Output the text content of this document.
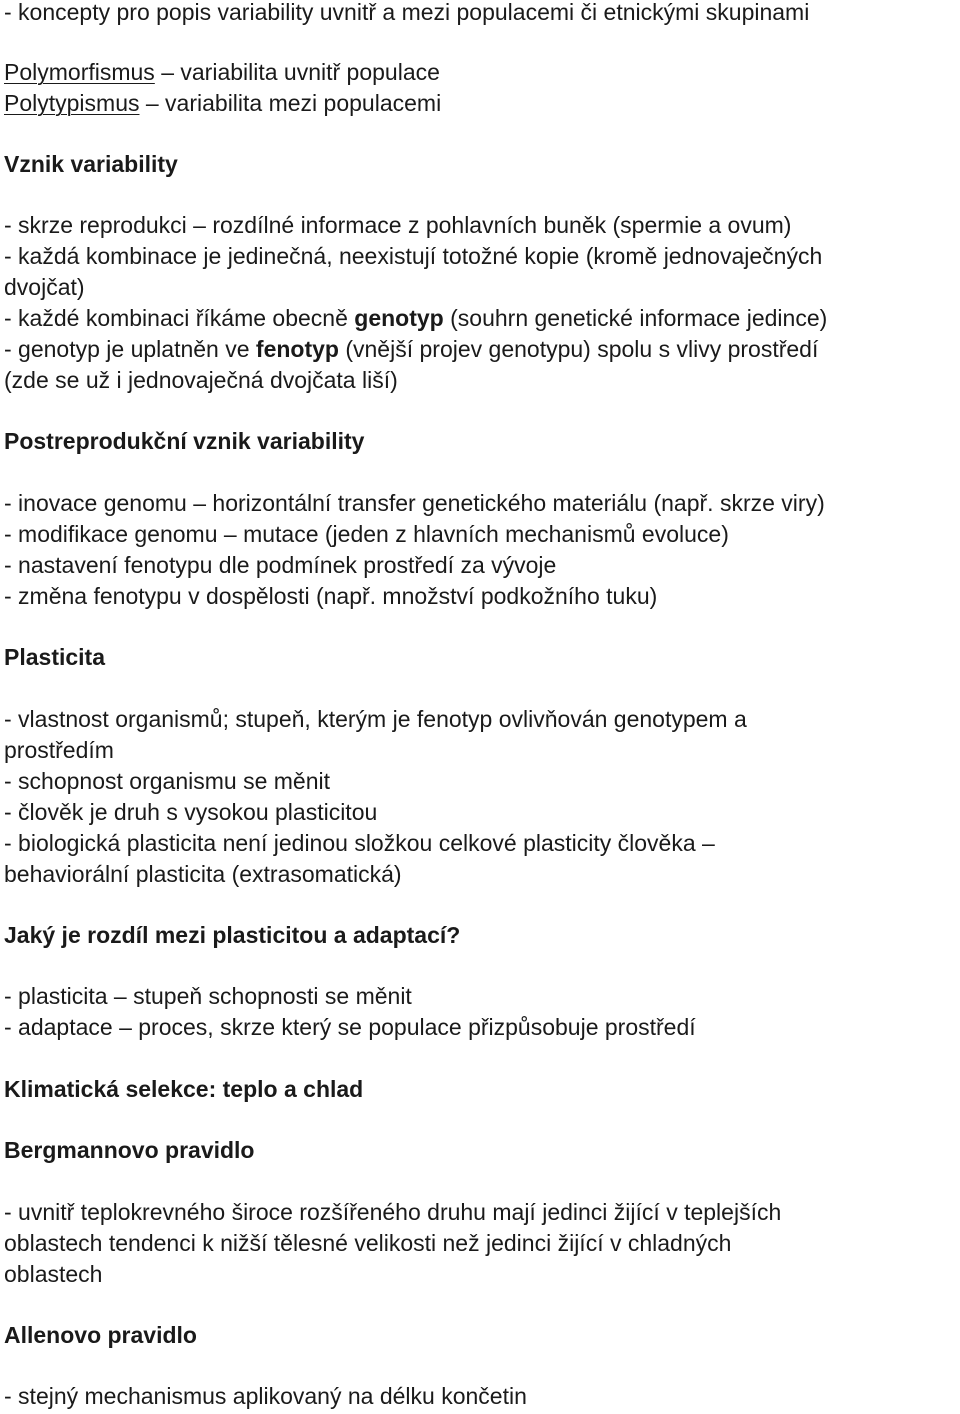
- koncepty pro popis variability uvnitř a mezi populacemi či etnickými skupinami
Polymorfismus – variabilita uvnitř populace
Polytypismus – variabilita mezi populacemi
Vznik variability
- skrze reprodukci – rozdílné informace z pohlavních buněk (spermie a ovum)
- každá kombinace je jedinečná, neexistují totožné kopie (kromě jednovaječných
dvojčat)
- každé kombinaci říkáme obecně genotyp (souhrn genetické informace jedince)
- genotyp je uplatněn ve fenotyp (vnější projev genotypu) spolu s vlivy prostředí
(zde se už i jednovaječná dvojčata liší)
Postreprodukční vznik variability
- inovace genomu – horizontální transfer genetického materiálu (např. skrze viry)
- modifikace genomu – mutace (jeden z hlavních mechanismů evoluce)
- nastavení fenotypu dle podmínek prostředí za vývoje
- změna fenotypu v dospělosti (např. množství podkožního tuku)
Plasticita
- vlastnost organismů; stupeň, kterým je fenotyp ovlivňován genotypem a
prostředím
- schopnost organismu se měnit
- člověk je druh s vysokou plasticitou
- biologická plasticita není jedinou složkou celkové plasticity člověka –
behaviorální plasticita (extrasomatická)
Jaký je rozdíl mezi plasticitou a adaptací?
- plasticita – stupeň schopnosti se měnit
- adaptace – proces, skrze který se populace přizpůsobuje prostředí
Klimatická selekce: teplo a chlad
Bergmannovo pravidlo
- uvnitř teplokrevného široce rozšířeného druhu mají jedinci žijící v teplejších
oblastech tendenci k nižší tělesné velikosti než jedinci žijící v chladných
oblastech
Allenovo pravidlo
- stejný mechanismus aplikovaný na délku končetin
